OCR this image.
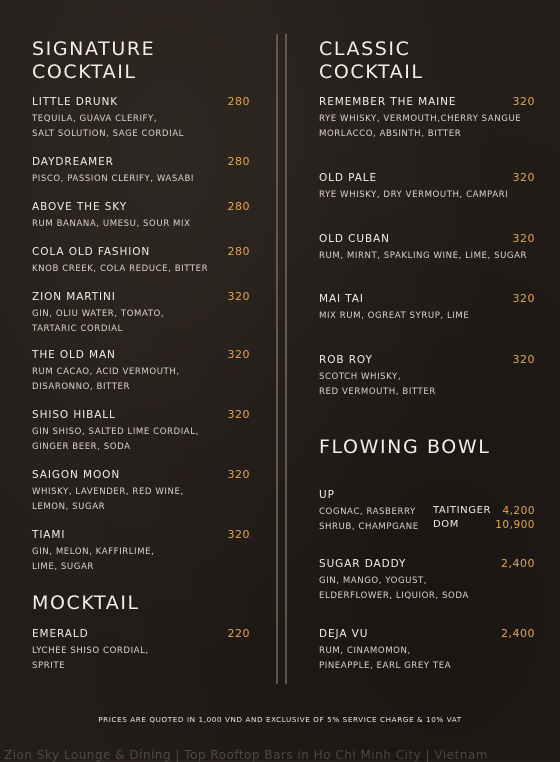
SIGNATURE
COCKTAIL
LITTLE DRUNK	280
TEQUILA, GUAVA CLERIFY,
SALT SOLUTION, SAGE CORDIAL
DAYDREAMER	280
PISCO, PASSION CLERIFY, WASABI
ABOVE THE SKY	280
RUM BANANA, UMESU, SOUR MIX
COLA OLD FASHION	280
KNOB CREEK, COLA REDUCE, BITTER
ZION MARTINI	320
GIN, OLIU WATER, TOMATO,
TARTARIC CORDIAL
THE OLD MAN	320
RUM CACAO, ACID VERMOUTH,
DISARONNO, BITTER
SHISO HIBALL	320
GIN SHISO, SALTED LIME CORDIAL,
GINGER BEER, SODA
SAIGON MOON	320
WHISKY, LAVENDER, RED WINE,
LEMON, SUGAR
TIAMI	320
GIN, MELON, KAFFIRLIME,
LIME, SUGAR
MOCKTAIL
EMERALD	220
LYCHEE SHISO CORDIAL,
SPRITE
CLASSIC
COCKTAIL
REMEMBER THE MAINE	320
RYE WHISKY, VERMOUTH,CHERRY SANGUE
MORLACCO, ABSINTH, BITTER
OLD PALE	320
RYE WHISKY, DRY VERMOUTH, CAMPARI
OLD CUBAN	320
RUM, MIRNT, SPAKLING WINE, LIME, SUGAR
MAI TAI	320
MIX RUM, OGREAT SYRUP, LIME
ROB ROY	320
SCOTCH WHISKY,
RED VERMOUTH, BITTER
FLOWING BOWL
UP
COGNAC, RASBERRY
SHRUB, CHAMPGANE
TAITINGER 4,200
DOM	10,900
SUGAR DADDY	2,400
GIN, MANGO, YOGUST,
ELDERFLOWER, LIQUIOR, SODA
DEJA VU	2,400
RUM, CINAMOMON,
PINEAPPLE, EARL GREY TEA
PRICES ARE QUOTED IN 1,000 VND AND EXCLUSIVE OF 5% SERVICE CHARGE & 10% VAT
Zion Sky Lounge & Dining | Top Rooftop Bars in Ho Chi Minh City | Vietnam
